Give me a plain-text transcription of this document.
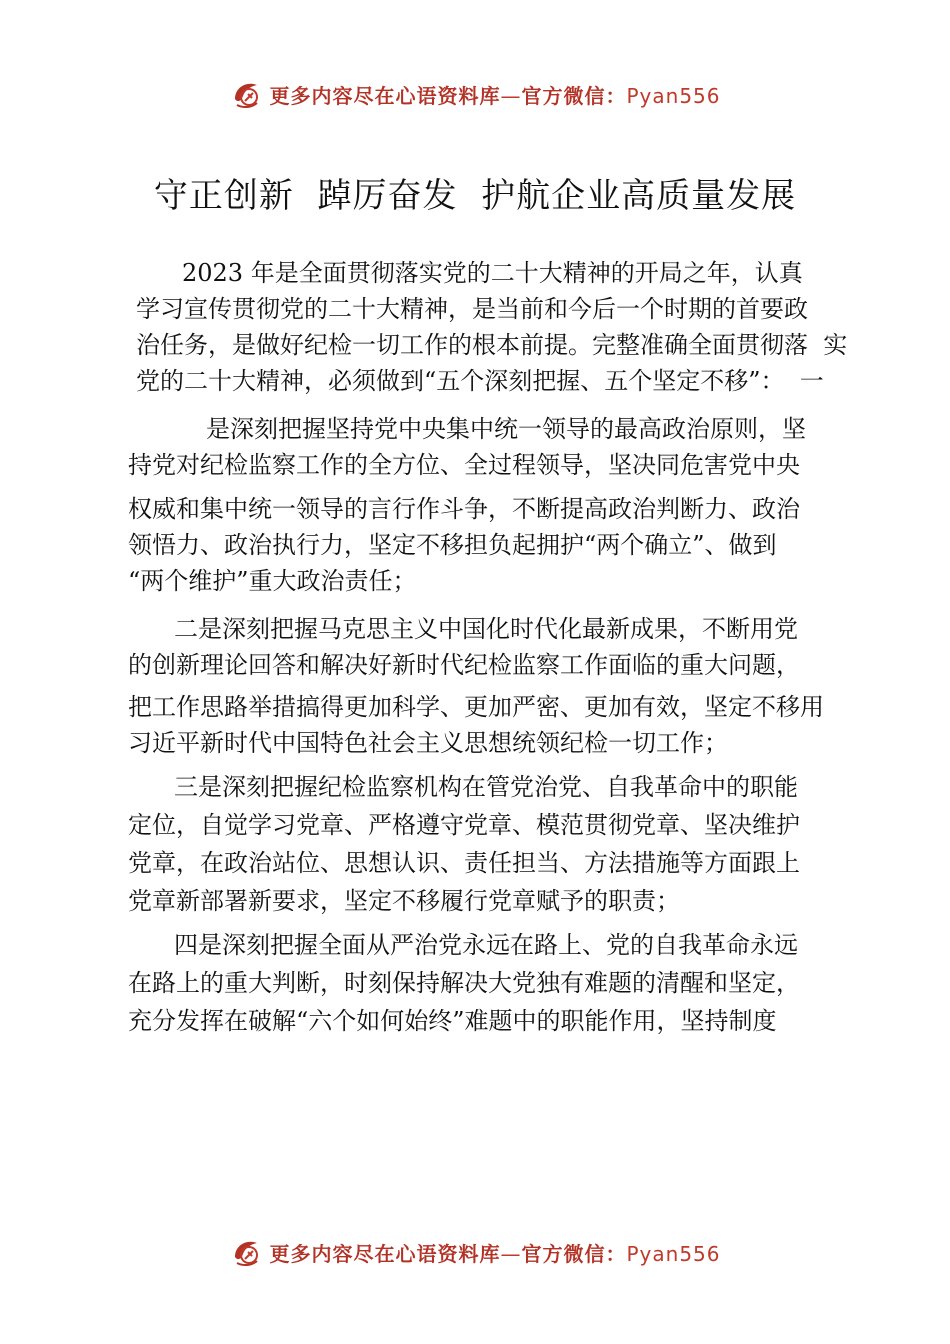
更多内容尽在心语资料库—官方微信：Pyan556
守正创新  踔厉奋发  护航企业高质量发展
2023 年是全面贯彻落实党的二十大精神的开局之年，认真
学习宣传贯彻党的二十大精神，是当前和今后一个时期的首要政
治任务，是做好纪检一切工作的根本前提。完整准确全面贯彻落  实
党的二十大精神，必须做到“五个深刻把握、五个坚定不移”：  一
是深刻把握坚持党中央集中统一领导的最高政治原则，坚
持党对纪检监察工作的全方位、全过程领导，坚决同危害党中央
权威和集中统一领导的言行作斗争，不断提高政治判断力、政治
领悟力、政治执行力，坚定不移担负起拥护“两个确立”、做到
“两个维护”重大政治责任；
二是深刻把握马克思主义中国化时代化最新成果，不断用党
的创新理论回答和解决好新时代纪检监察工作面临的重大问题，
把工作思路举措搞得更加科学、更加严密、更加有效，坚定不移用
习近平新时代中国特色社会主义思想统领纪检一切工作；
三是深刻把握纪检监察机构在管党治党、自我革命中的职能
定位，自觉学习党章、严格遵守党章、模范贯彻党章、坚决维护
党章，在政治站位、思想认识、责任担当、方法措施等方面跟上
党章新部署新要求，坚定不移履行党章赋予的职责；
四是深刻把握全面从严治党永远在路上、党的自我革命永远
在路上的重大判断，时刻保持解决大党独有难题的清醒和坚定，
充分发挥在破解“六个如何始终”难题中的职能作用，坚持制度
更多内容尽在心语资料库—官方微信：Pyan556
